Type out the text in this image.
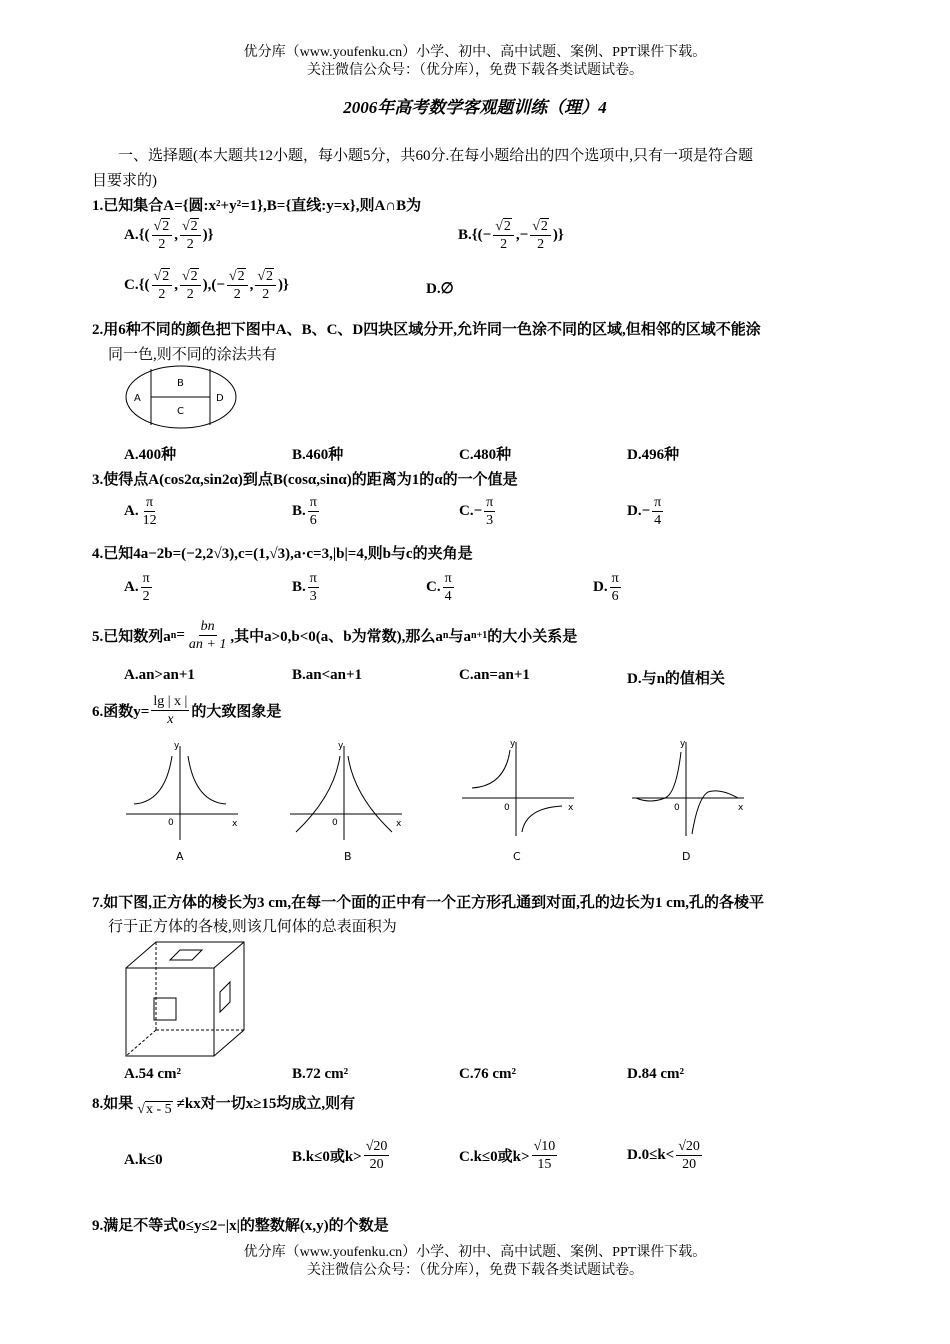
优分库（www.youfenku.cn）小学、初中、高中试题、案例、PPT课件下载。
关注微信公众号：（优分库），免费下载各类试题试卷。
2006年高考数学客观题训练（理）4
一、选择题(本大题共12小题，每小题5分，共60分.在每小题给出的四个选项中,只有一项是符合题
目要求的)
1.已知集合A={圆:x²+y²=1},B={直线:y=x},则A∩B为
$A.\{( \frac{√2}{2}$ , $\frac{√2}{2}$ )}	$B.\{(- \frac{√2}{2}$ ,− $\frac{√2}{2}$ )}
$C.\{( \frac{√2}{2}$ , $\frac{√2}{2}$ ),(− $\frac{√2}{2}$ , $\frac{√2}{2}$ )}	D.∅
2.用6种不同的颜色把下图中A、B、C、D四块区域分开,允许同一色涂不同的区域,但相邻的区域不能涂
同一色,则不同的涂法共有
A
B
C
D
A.400种	B.460种	C.480种	D.496种
3.使得点A(cos2α,sin2α)到点B(cosα,sinα)的距离为1的α的一个值是
A. $\frac{\pi}{12}$	B. $\frac{\pi}{6}$	$C.- \frac{\pi}{3}$	$D.- \frac{\pi}{4}$
4.已知4a−2b=(−2,2√3),c=(1,√3),a·c=3,|b|=4,则b与c的夹角是
A. $\frac{\pi}{2}$	B. $\frac{\pi}{3}$	C. $\frac{\pi}{4}$	D. $\frac{\pi}{6}$
5.已知数列a $n = \frac{bn}{an + 1}$ ,其中a>0,b<0(a、b为常数),那么a n 与a n+1 的大小关系是
A.an>an+1	B.an<an+1	C.an=an+1	D.与n的值相关
6.函数$y= \frac{\lg | x |}{x}$ 的大致图象是
y
x
0
y
x
0
y
x
0
y
x
0
A	B	C	D
7.如下图,正方体的棱长为3 cm,在每一个面的正中有一个正方形孔通到对面,孔的边长为1 cm,孔的各棱平
行于正方体的各棱,则该几何体的总表面积为
A.54 cm²	B.72 cm²	C.76 cm²	D.84 cm²
8.如果 √x - 5 ≠kx对一切x≥15均成立,则有
A.k≤0	B.k≤0或$k> \frac{√20}{20}$	C.k≤0或$k> \frac{√10}{15}$	$D.0\le k< \frac{√20}{20}$
9.满足不等式0≤y≤2−|x|的整数解(x,y)的个数是
优分库（www.youfenku.cn）小学、初中、高中试题、案例、PPT课件下载。
关注微信公众号：（优分库），免费下载各类试题试卷。
